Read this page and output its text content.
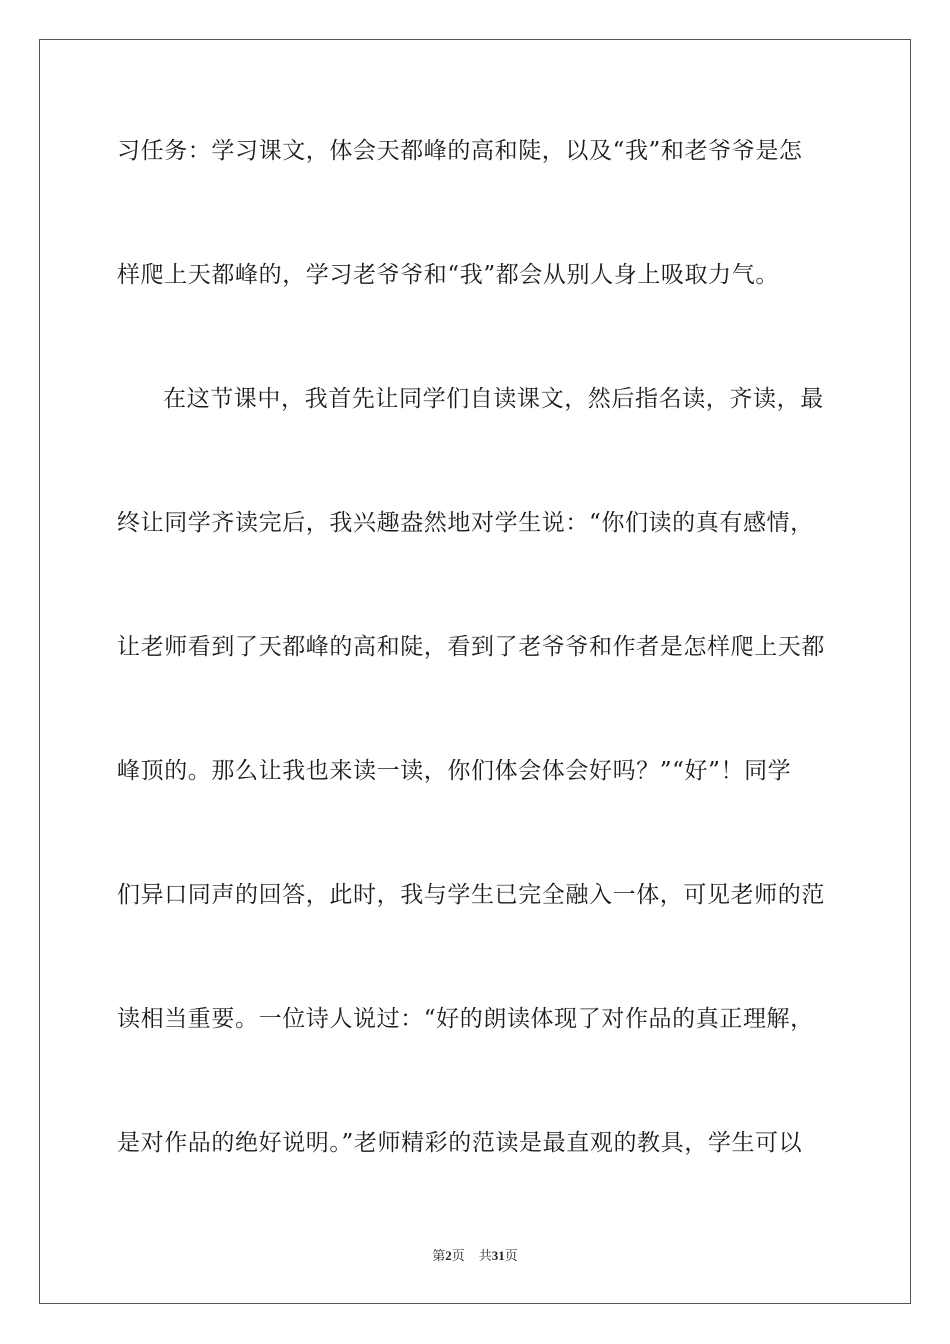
习任务：学习课文，体会天都峰的高和陡，以及“我”和老爷爷是怎
样爬上天都峰的，学习老爷爷和“我”都会从别人身上吸取力气。
在这节课中，我首先让同学们自读课文，然后指名读，齐读，最
终让同学齐读完后，我兴趣盎然地对学生说：“你们读的真有感情，
让老师看到了天都峰的高和陡，看到了老爷爷和作者是怎样爬上天都
峰顶的。那么让我也来读一读，你们体会体会好吗？”“好”！同学
们异口同声的回答，此时，我与学生已完全融入一体，可见老师的范
读相当重要。一位诗人说过：“好的朗读体现了对作品的真正理解，
是对作品的绝好说明。”老师精彩的范读是最直观的教具，学生可以
第2页 共31页
